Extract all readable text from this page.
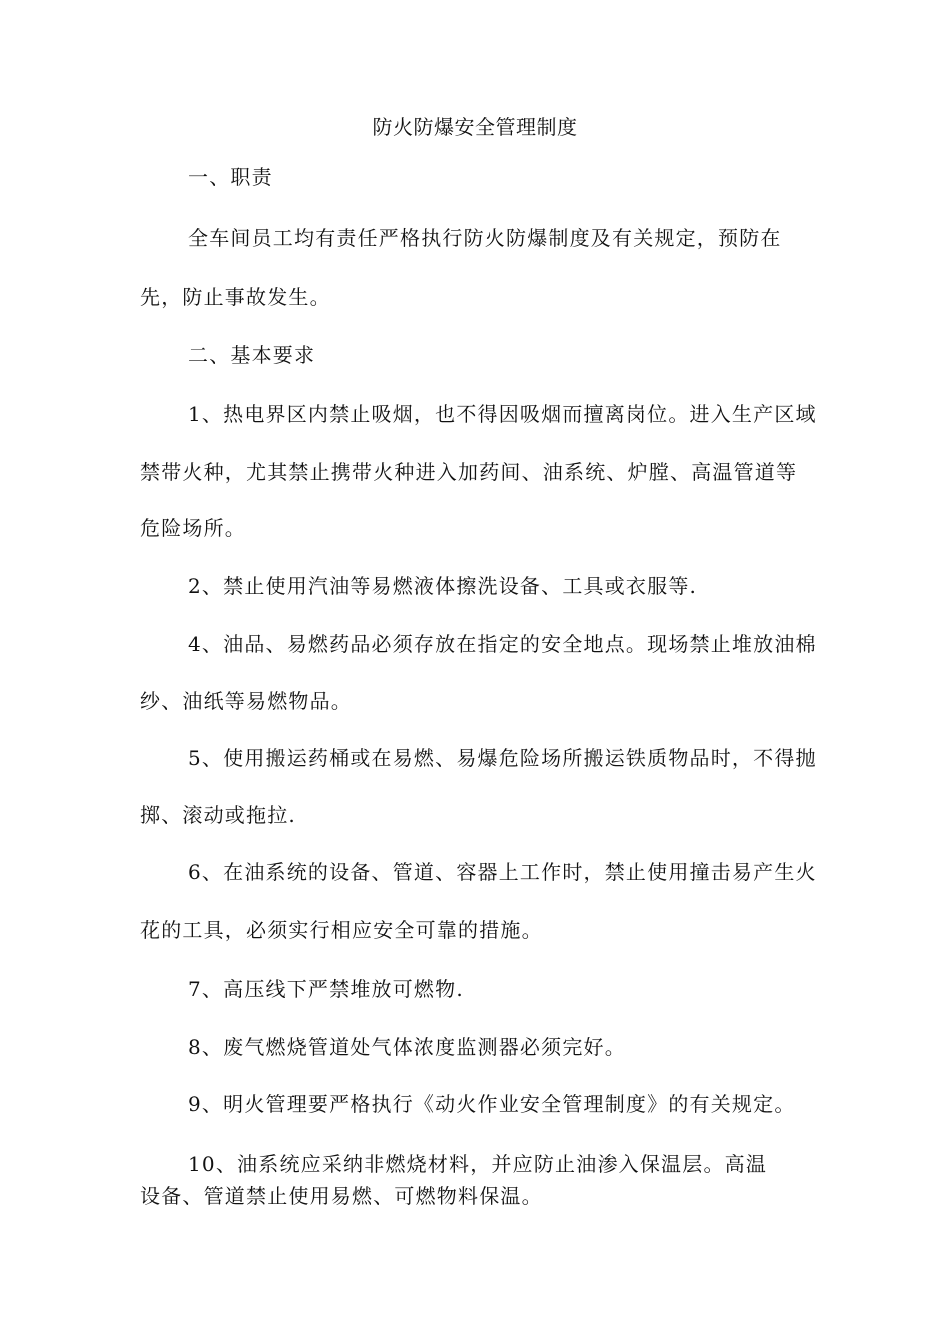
防火防爆安全管理制度
一、职责
全车间员工均有责任严格执行防火防爆制度及有关规定，预防在
先，防止事故发生。
二、基本要求
1、热电界区内禁止吸烟，也不得因吸烟而擅离岗位。进入生产区域
禁带火种，尤其禁止携带火种进入加药间、油系统、炉膛、高温管道等
危险场所。
2、禁止使用汽油等易燃液体擦洗设备、工具或衣服等.
4、油品、易燃药品必须存放在指定的安全地点。现场禁止堆放油棉
纱、油纸等易燃物品。
5、使用搬运药桶或在易燃、易爆危险场所搬运铁质物品时，不得抛
掷、滚动或拖拉.
6、在油系统的设备、管道、容器上工作时，禁止使用撞击易产生火
花的工具，必须实行相应安全可靠的措施。
7、高压线下严禁堆放可燃物.
8、废气燃烧管道处气体浓度监测器必须完好。
9、明火管理要严格执行《动火作业安全管理制度》的有关规定。
10、油系统应采纳非燃烧材料，并应防止油渗入保温层。高温
设备、管道禁止使用易燃、可燃物料保温。
